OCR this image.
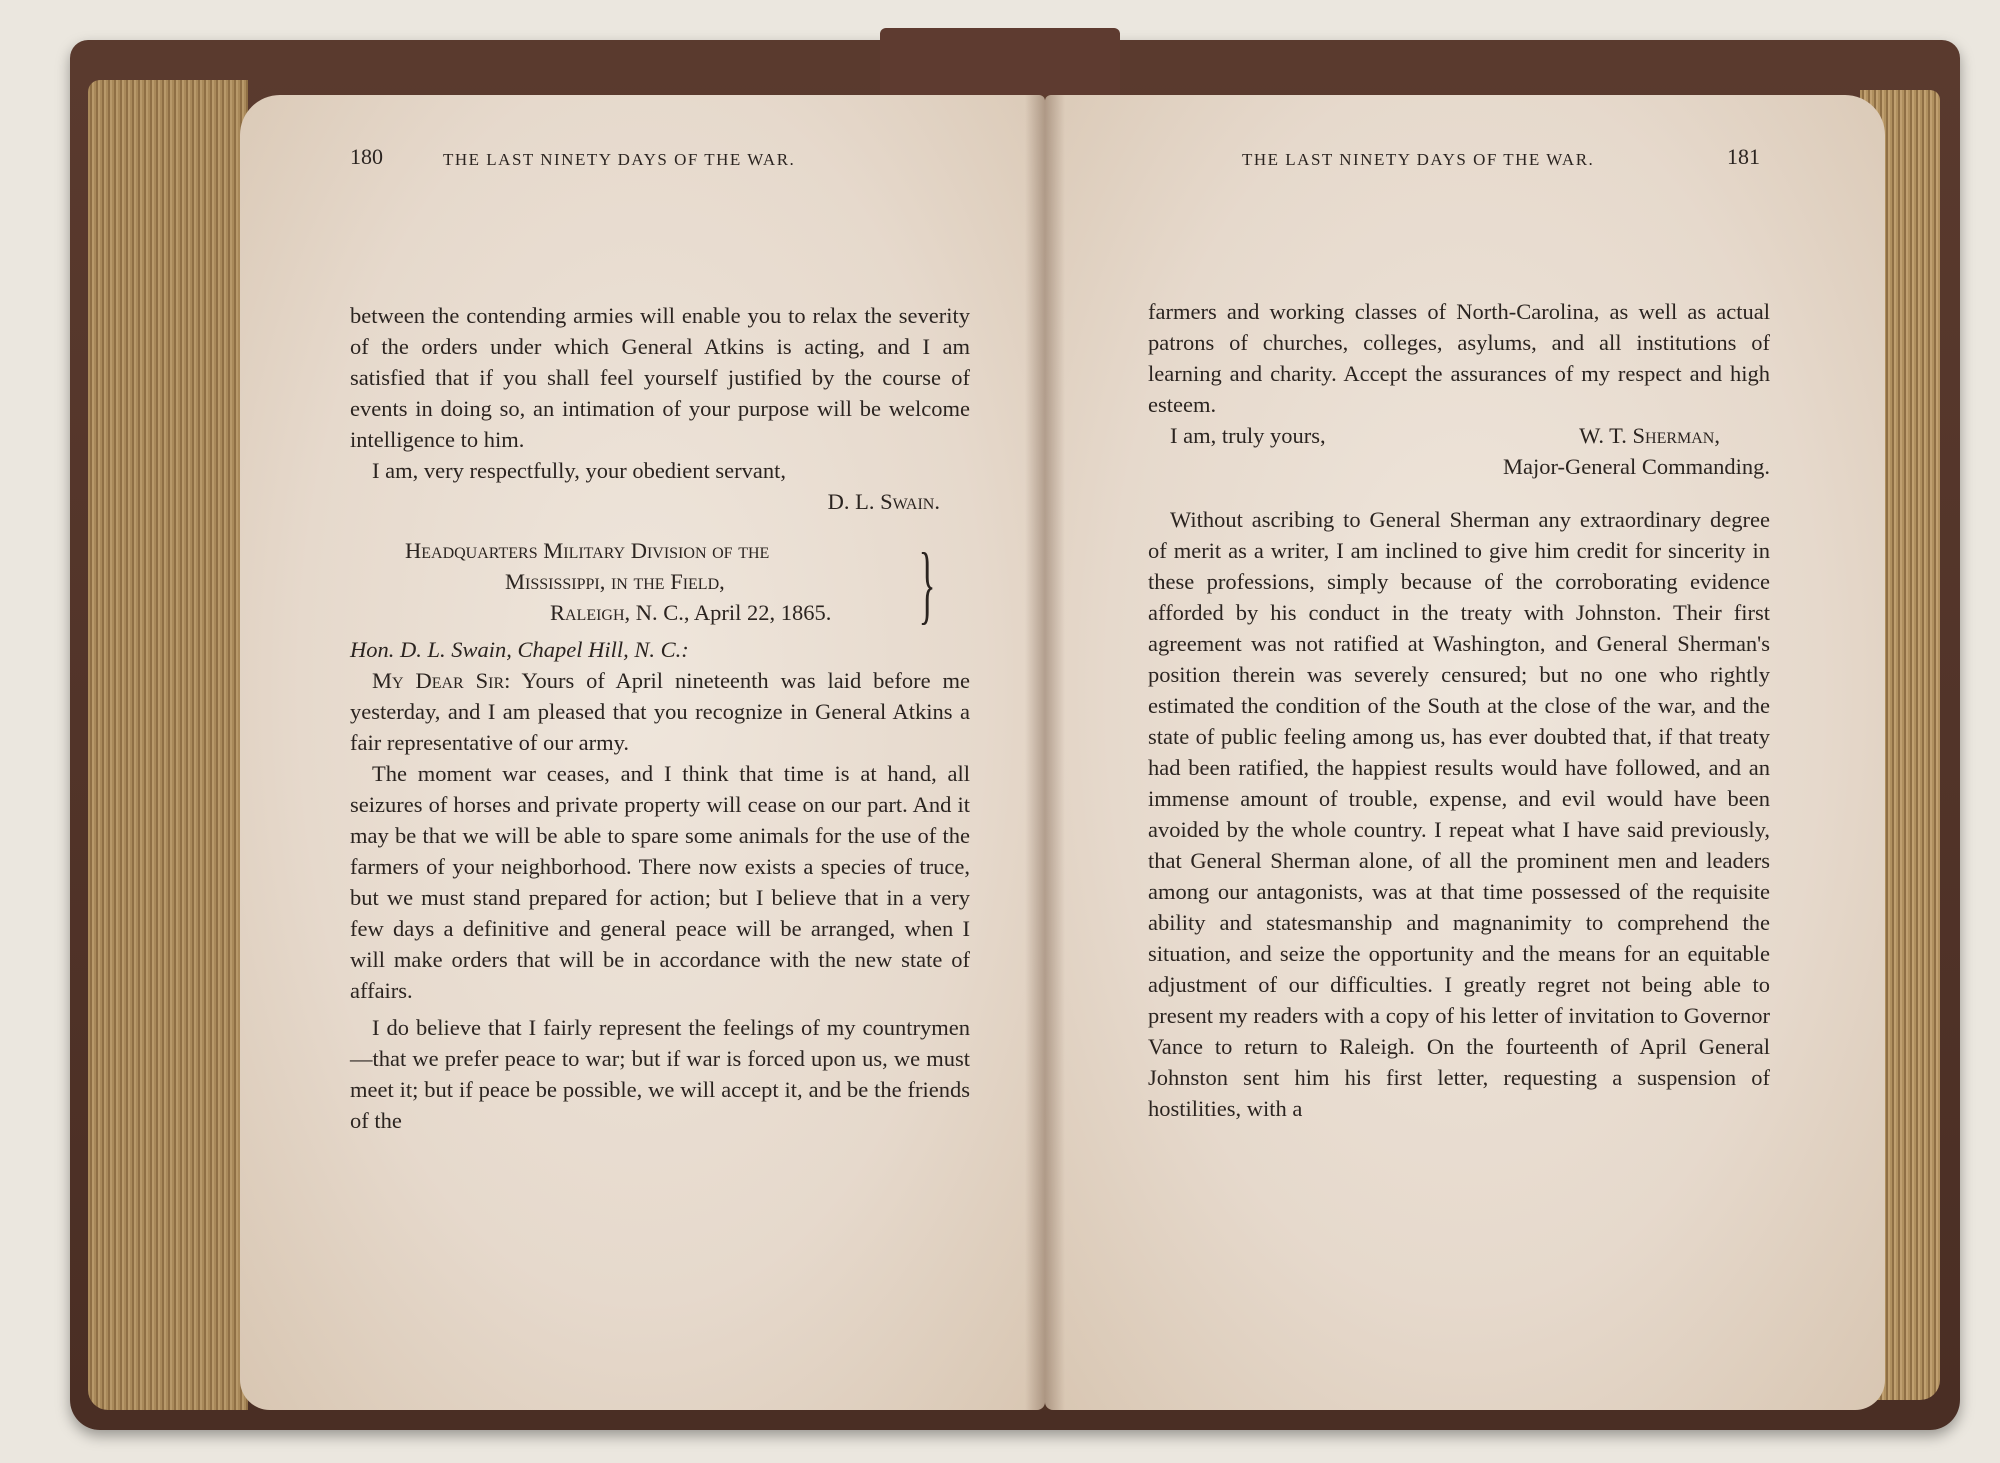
180	THE LAST NINETY DAYS OF THE WAR.

between the contending armies will enable you to relax the severity of the orders under which General Atkins is acting, and I am satisfied that if you shall feel yourself justified by the course of events in doing so, an intimation of your purpose will be welcome intelligence to him.

I am, very respectfully, your obedient servant,

D. L. Swain.

Headquarters Military Division of the
Mississippi, in the Field,
Raleigh, N. C., April 22, 1865. }

Hon. D. L. Swain, Chapel Hill, N. C.:

My Dear Sir: Yours of April nineteenth was laid before me yesterday, and I am pleased that you recognize in General Atkins a fair representative of our army.

The moment war ceases, and I think that time is at hand, all seizures of horses and private property will cease on our part. And it may be that we will be able to spare some animals for the use of the farmers of your neighborhood. There now exists a species of truce, but we must stand prepared for action; but I believe that in a very few days a definitive and general peace will be arranged, when I will make orders that will be in accordance with the new state of affairs.

I do believe that I fairly represent the feelings of my countrymen—that we prefer peace to war; but if war is forced upon us, we must meet it; but if peace be possible, we will accept it, and be the friends of the

THE LAST NINETY DAYS OF THE WAR.	181

farmers and working classes of North-Carolina, as well as actual patrons of churches, colleges, asylums, and all institutions of learning and charity. Accept the assurances of my respect and high esteem.

I am, truly yours,	W. T. Sherman,

Major-General Commanding.

Without ascribing to General Sherman any extraordinary degree of merit as a writer, I am inclined to give him credit for sincerity in these professions, simply because of the corroborating evidence afforded by his conduct in the treaty with Johnston. Their first agreement was not ratified at Washington, and General Sherman's position therein was severely censured; but no one who rightly estimated the condition of the South at the close of the war, and the state of public feeling among us, has ever doubted that, if that treaty had been ratified, the happiest results would have followed, and an immense amount of trouble, expense, and evil would have been avoided by the whole country. I repeat what I have said previously, that General Sherman alone, of all the prominent men and leaders among our antagonists, was at that time possessed of the requisite ability and statesmanship and magnanimity to comprehend the situation, and seize the opportunity and the means for an equitable adjustment of our difficulties. I greatly regret not being able to present my readers with a copy of his letter of invitation to Governor Vance to return to Raleigh. On the fourteenth of April General Johnston sent him his first letter, requesting a suspension of hostilities, with a
